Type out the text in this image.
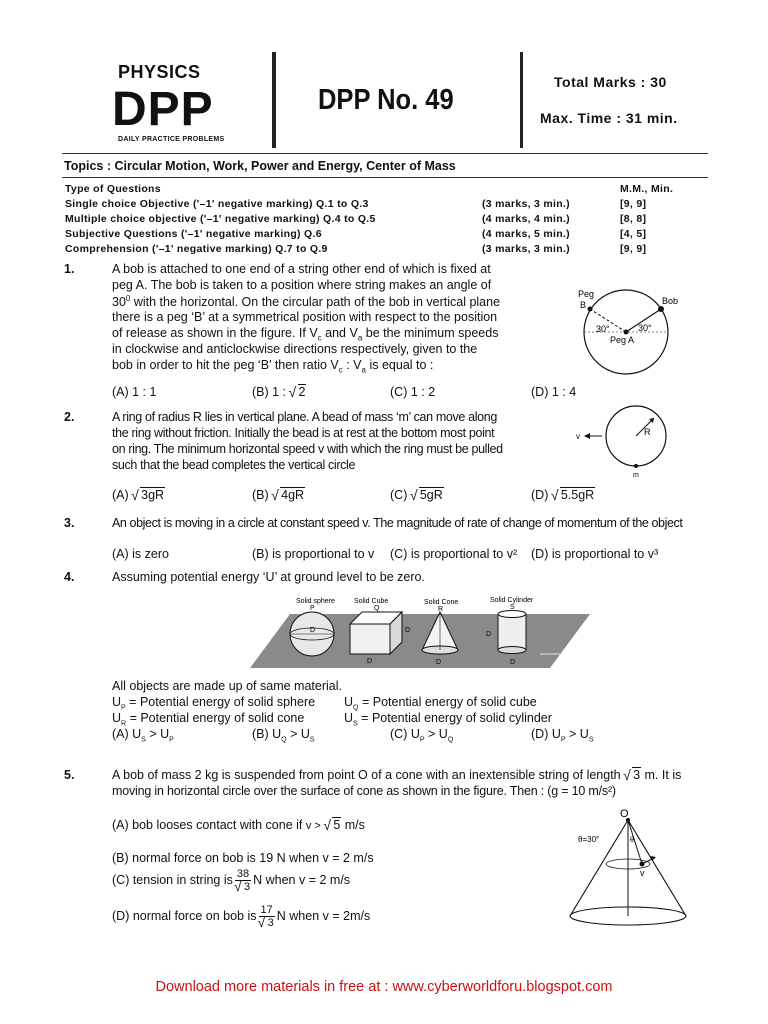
PHYSICS
DPP
DAILY PRACTICE PROBLEMS
DPP No. 49
Total Marks : 30
Max. Time : 31 min.
Topics : Circular Motion, Work, Power and Energy, Center of Mass
Type of Questions	M.M., Min.
Single choice Objective ('–1' negative marking) Q.1 to Q.3	(3 marks, 3 min.)	[9, 9]
Multiple choice objective ('–1' negative marking) Q.4 to Q.5	(4 marks, 4 min.)	[8, 8]
Subjective Questions ('–1' negative marking) Q.6	(4 marks, 5 min.)	[4, 5]
Comprehension ('–1' negative marking) Q.7 to Q.9	(3 marks, 3 min.)	[9, 9]
1.	A bob is attached to one end of a string other end of which is fixed at
peg A. The bob is taken to a position where string makes an angle of
$30^0$ with the horizontal. On the circular path of the bob in vertical plane
there is a peg ‘B’ at a symmetrical position with respect to the position
of release as shown in the figure. If $V_c$ and $V_a$ be the minimum speeds
in clockwise and anticlockwise directions respectively, given to the
bob in order to hit the peg ‘B’ then ratio $V_c$ : $V_a$ is equal to :
(A) 1 : 1	(B) 1 : √ 2	(C) 1 : 2	(D) 1 : 4
Peg
B	Bob
30°	30°
Peg A
2.	A ring of radius R lies in vertical plane. A bead of mass ‘m’ can move along
the ring without friction. Initially the bead is at rest at the bottom most point
on ring. The minimum horizontal speed v with which the ring must be pulled
such that the bead completes the vertical circle
(A) √ 3gR	(B) √ 4gR	(C) √ 5gR	(D) √ 5.5gR
v	R
m
3.	An object is moving in a circle at constant speed v. The magnitude of rate of change of momentum of the object
(A) is zero	(B) is proportional to v (C) is proportional to v² (D) is proportional to v³
4.	Assuming potential energy ‘U’ at ground level to be zero.
D
Solid sphere
P
Solid Cube
Q
D
D
Solid Cone
R
D
Solid Cylinder
S
D
D
U = 0
All objects are made up of same material.
$U_P$ = Potential energy of solid sphere $U_Q$ = Potential energy of solid cube
$U_R$ = Potential energy of solid cone	$U_S$ = Potential energy of solid cylinder
(A) $U_S > U_P$	(B) $U_Q > U_S$	(C) $U_P > U_Q$	(D) $U_P > U_S$
5.	A bob of mass 2 kg is suspended from point O of a cone with an inextensible string of length √ 3 m. It is
moving in horizontal circle over the surface of cone as shown in the figure. Then : (g = 10 m/s²)
(A) bob looses contact with cone if v > √ 5 m/s
(B) normal force on bob is 19 N when v = 2 m/s
(C) tension in string is 38
√ 3 N when v = 2 m/s
(D) normal force on bob is 17
√ 3 N when v = 2m/s
O
θ=30°	θ
v
Download more materials in free at : www.cyberworldforu.blogspot.com
